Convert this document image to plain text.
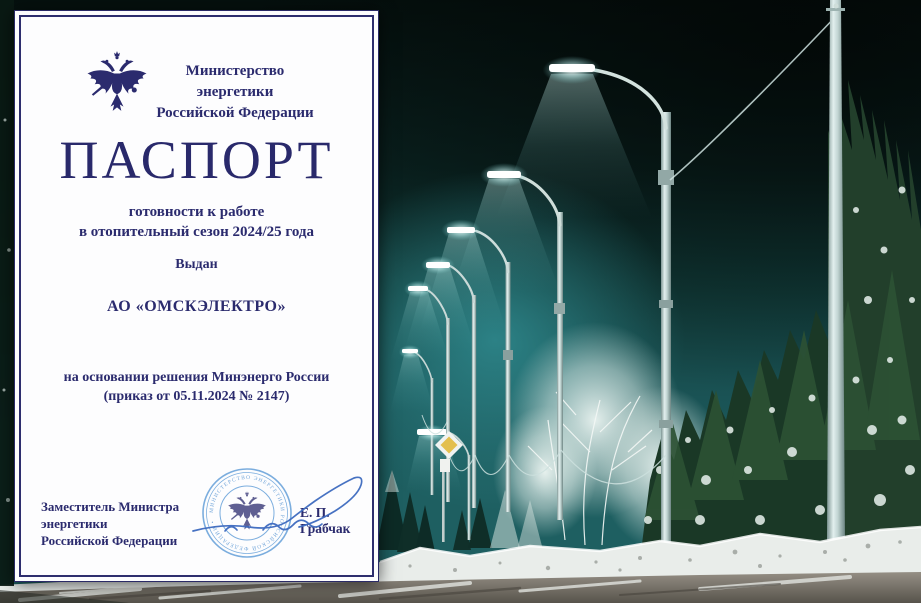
Министерство энергетики
Российской Федерации
ПАСПОРТ
готовности к работе
в отопительный сезон 2024/25 года
Выдан
АО «ОМСКЭЛЕКТРО»
на основании решения Минэнерго России
(приказ от 05.11.2024 № 2147)
Заместитель Министра энергетики
Российской Федерации
Е. П. Грабчак
МИНИСТЕРСТВО ЭНЕРГЕТИКИ РОССИЙСКОЙ ФЕДЕРАЦИИ •
